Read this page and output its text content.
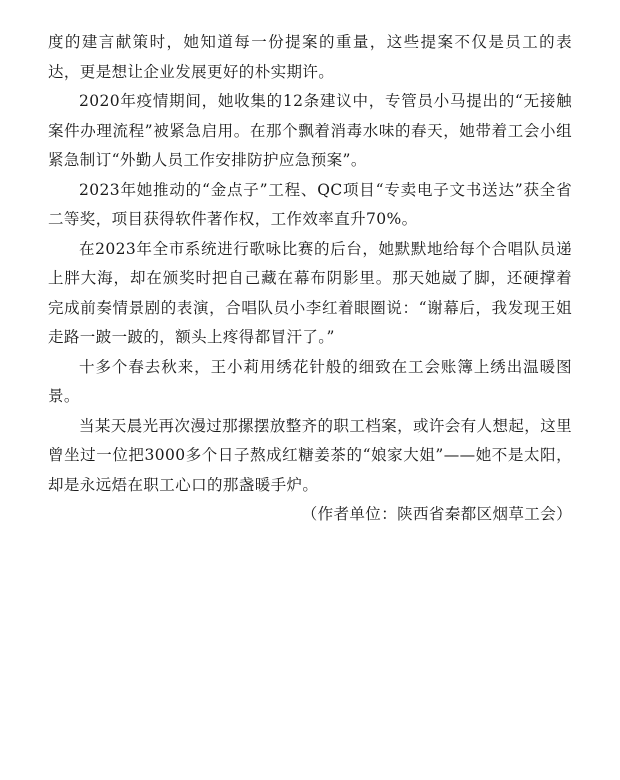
度的建言献策时，她知道每一份提案的重量，这些提案不仅是员工的表达，更是想让企业发展更好的朴实期许。

2020年疫情期间，她收集的12条建议中，专管员小马提出的“无接触案件办理流程”被紧急启用。在那个飘着消毒水味的春天，她带着工会小组紧急制订“外勤人员工作安排防护应急预案”。

2023年她推动的“金点子”工程、QC项目“专卖电子文书送达”获全省二等奖，项目获得软件著作权，工作效率直升70%。

在2023年全市系统进行歌咏比赛的后台，她默默地给每个合唱队员递上胖大海，却在颁奖时把自己藏在幕布阴影里。那天她崴了脚，还硬撑着完成前奏情景剧的表演，合唱队员小李红着眼圈说：“谢幕后，我发现王姐走路一跛一跛的，额头上疼得都冒汗了。”

十多个春去秋来，王小莉用绣花针般的细致在工会账簿上绣出温暖图景。

当某天晨光再次漫过那摞摆放整齐的职工档案，或许会有人想起，这里曾坐过一位把3000多个日子熬成红糖姜茶的“娘家大姐”——她不是太阳，却是永远焐在职工心口的那盏暖手炉。

（作者单位：陕西省秦都区烟草工会）
